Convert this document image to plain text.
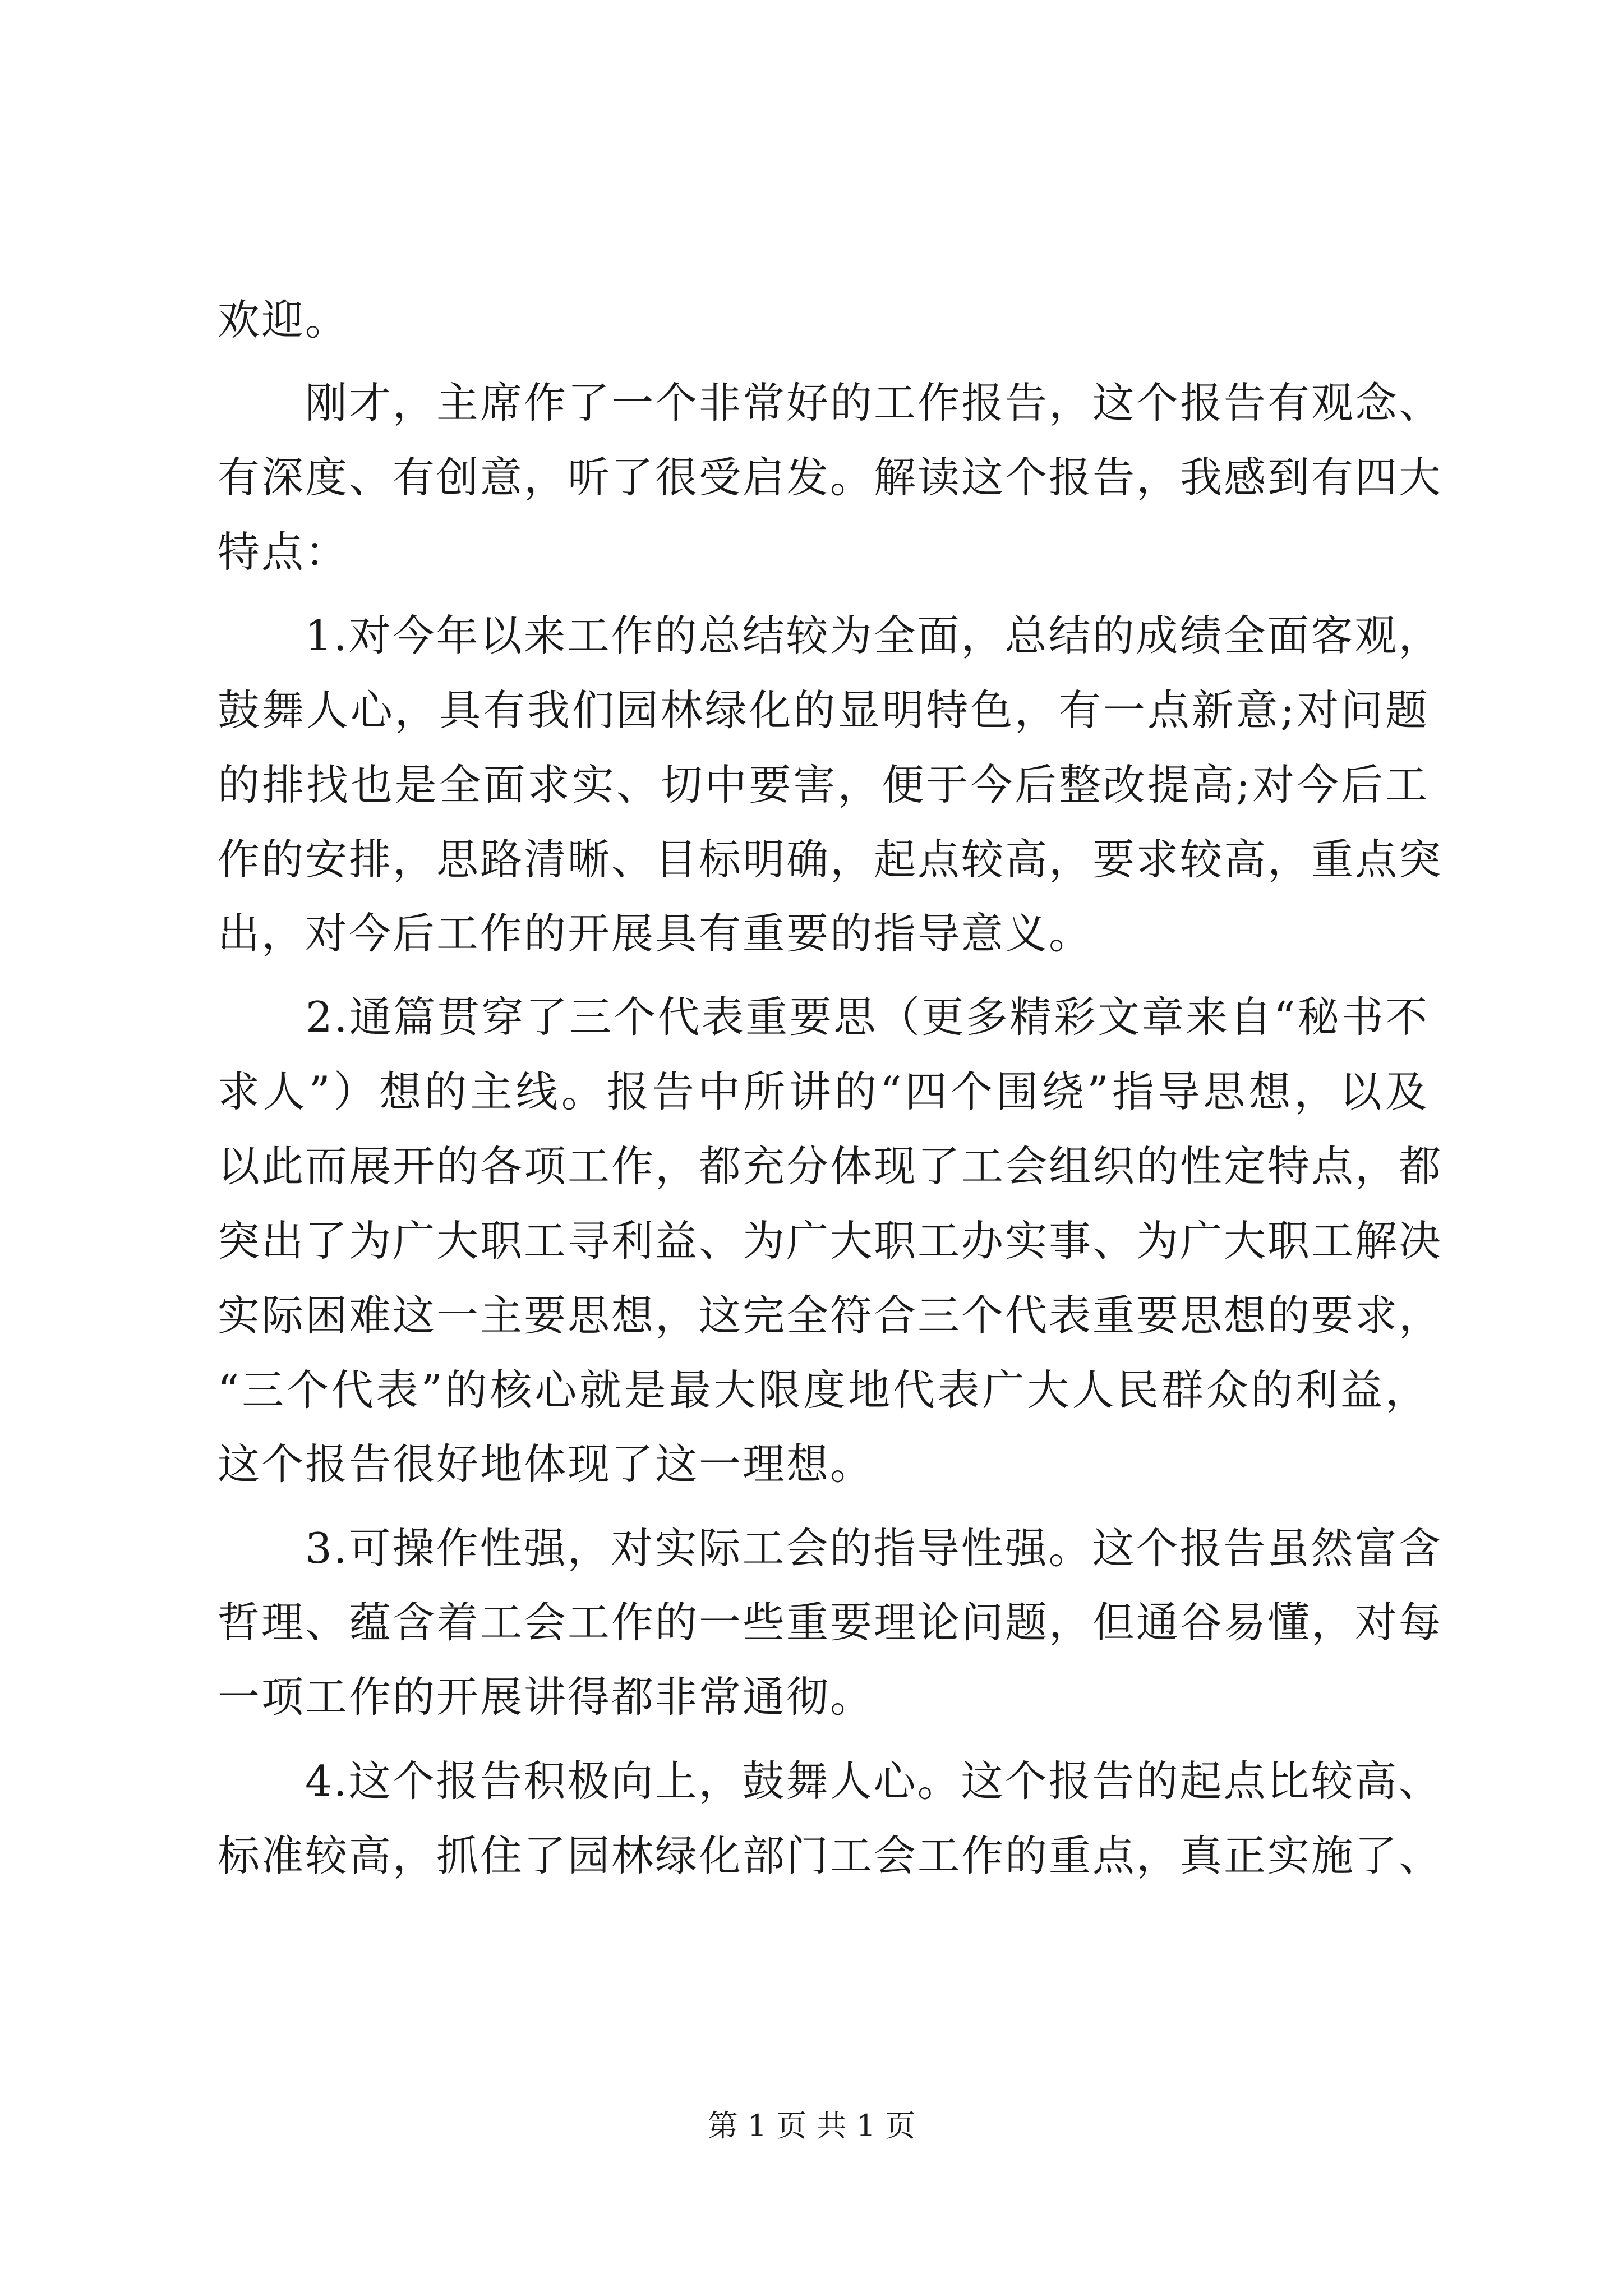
欢迎。
　　刚才，主席作了一个非常好的工作报告，这个报告有观念、
有深度、有创意，听了很受启发。解读这个报告，我感到有四大
特点：
　　1.对今年以来工作的总结较为全面，总结的成绩全面客观，
鼓舞人心，具有我们园林绿化的显明特色，有一点新意;对问题
的排找也是全面求实、切中要害，便于今后整改提高;对今后工
作的安排，思路清晰、目标明确，起点较高，要求较高，重点突
出，对今后工作的开展具有重要的指导意义。
　　2.通篇贯穿了三个代表重要思（更多精彩文章来自“秘书不
求人”）想的主线。报告中所讲的“四个围绕”指导思想，以及
以此而展开的各项工作，都充分体现了工会组织的性定特点，都
突出了为广大职工寻利益、为广大职工办实事、为广大职工解决
实际困难这一主要思想，这完全符合三个代表重要思想的要求，
“三个代表”的核心就是最大限度地代表广大人民群众的利益，
这个报告很好地体现了这一理想。
　　3.可操作性强，对实际工会的指导性强。这个报告虽然富含
哲理、蕴含着工会工作的一些重要理论问题，但通谷易懂，对每
一项工作的开展讲得都非常通彻。
　　4.这个报告积极向上，鼓舞人心。这个报告的起点比较高、
标准较高，抓住了园林绿化部门工会工作的重点，真正实施了、
第 1 页 共 1 页
